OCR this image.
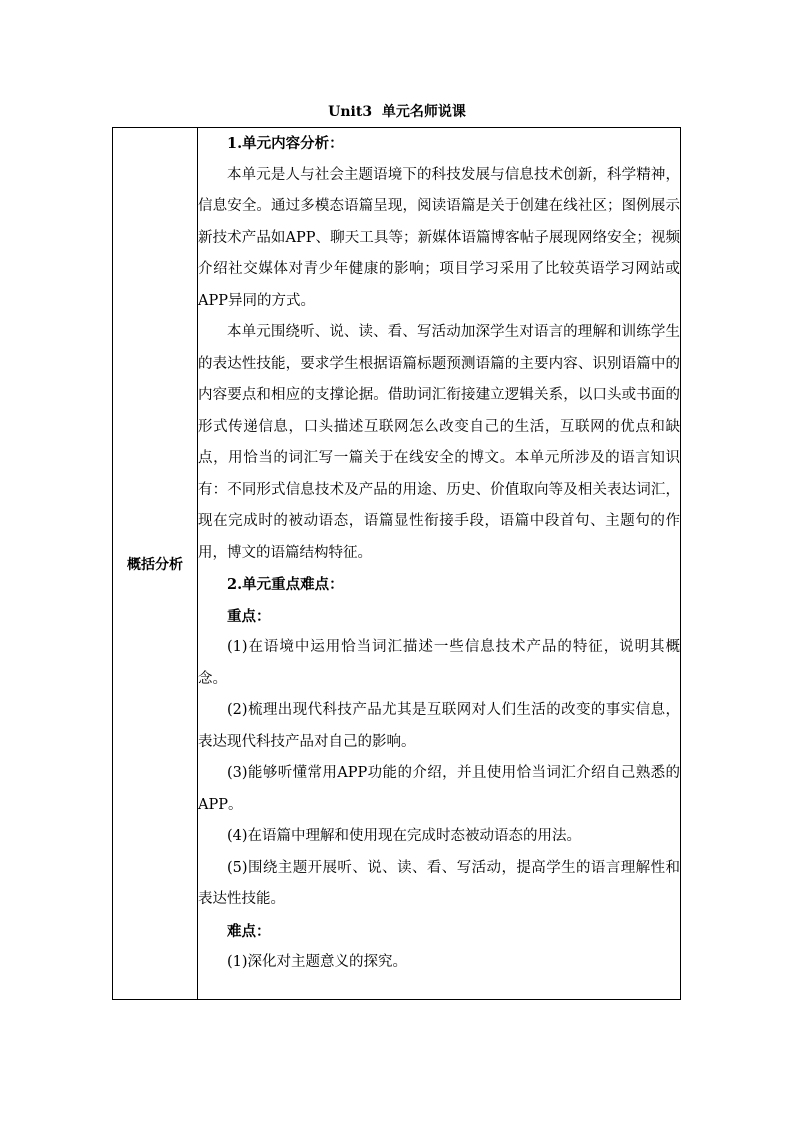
Unit3  单元名师说课
概括分析	

1.单元内容分析：

本单元是人与社会主题语境下的科技发展与信息技术创新，科学精神，信息安全。通过多模态语篇呈现，阅读语篇是关于创建在线社区；图例展示新技术产品如APP、聊天工具等；新媒体语篇博客帖子展现网络安全；视频介绍社交媒体对青少年健康的影响；项目学习采用了比较英语学习网站或APP异同的方式。

本单元围绕听、说、读、看、写活动加深学生对语言的理解和训练学生的表达性技能，要求学生根据语篇标题预测语篇的主要内容、识别语篇中的内容要点和相应的支撑论据。借助词汇衔接建立逻辑关系，以口头或书面的形式传递信息，口头描述互联网怎么改变自己的生活，互联网的优点和缺点，用恰当的词汇写一篇关于在线安全的博文。本单元所涉及的语言知识有：不同形式信息技术及产品的用途、历史、价值取向等及相关表达词汇，现在完成时的被动语态，语篇显性衔接手段，语篇中段首句、主题句的作用，博文的语篇结构特征。

2.单元重点难点：

重点：

(1)在语境中运用恰当词汇描述一些信息技术产品的特征，说明其概念。

(2)梳理出现代科技产品尤其是互联网对人们生活的改变的事实信息，表达现代科技产品对自己的影响。

(3)能够听懂常用APP功能的介绍，并且使用恰当词汇介绍自己熟悉的APP。

(4)在语篇中理解和使用现在完成时态被动语态的用法。

(5)围绕主题开展听、说、读、看、写活动，提高学生的语言理解性和表达性技能。

难点：

(1)深化对主题意义的探究。
